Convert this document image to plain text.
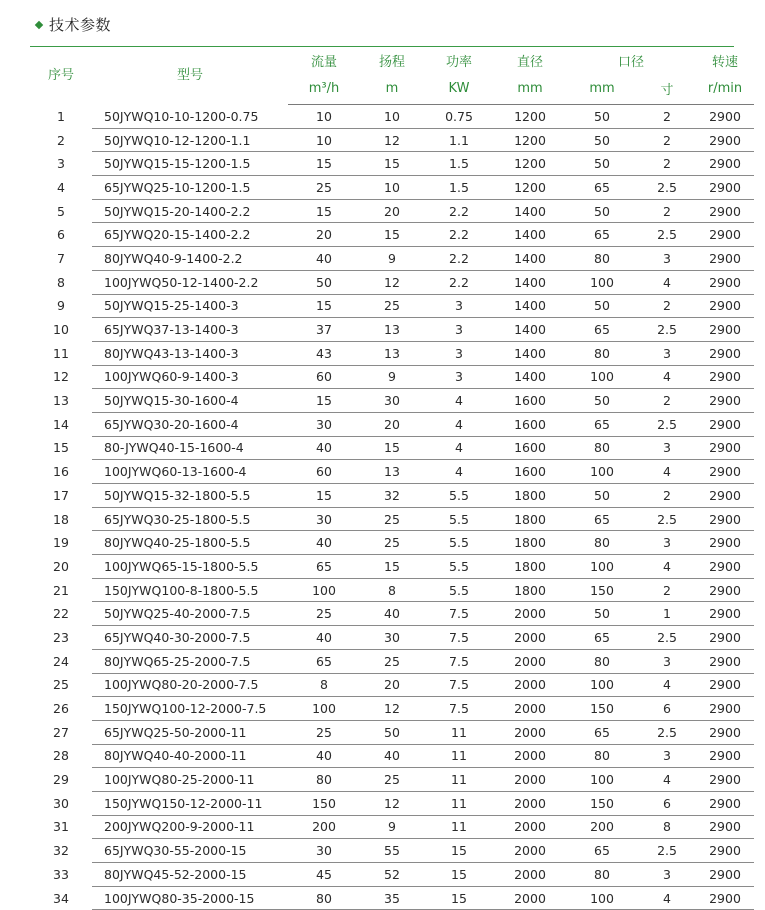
技术参数
序号	型号	流量	扬程	功率	直径	口径		转速
		m³/h	m	KW	mm	mm	寸	r/min
1	50JYWQ10-10-1200-0.75	10	10	0.75	1200	50	2	2900
2	50JYWQ10-12-1200-1.1	10	12	1.1	1200	50	2	2900
3	50JYWQ15-15-1200-1.5	15	15	1.5	1200	50	2	2900
4	65JYWQ25-10-1200-1.5	25	10	1.5	1200	65	2.5	2900
5	50JYWQ15-20-1400-2.2	15	20	2.2	1400	50	2	2900
6	65JYWQ20-15-1400-2.2	20	15	2.2	1400	65	2.5	2900
7	80JYWQ40-9-1400-2.2	40	9	2.2	1400	80	3	2900
8	100JYWQ50-12-1400-2.2	50	12	2.2	1400	100	4	2900
9	50JYWQ15-25-1400-3	15	25	3	1400	50	2	2900
10	65JYWQ37-13-1400-3	37	13	3	1400	65	2.5	2900
11	80JYWQ43-13-1400-3	43	13	3	1400	80	3	2900
12	100JYWQ60-9-1400-3	60	9	3	1400	100	4	2900
13	50JYWQ15-30-1600-4	15	30	4	1600	50	2	2900
14	65JYWQ30-20-1600-4	30	20	4	1600	65	2.5	2900
15	80-JYWQ40-15-1600-4	40	15	4	1600	80	3	2900
16	100JYWQ60-13-1600-4	60	13	4	1600	100	4	2900
17	50JYWQ15-32-1800-5.5	15	32	5.5	1800	50	2	2900
18	65JYWQ30-25-1800-5.5	30	25	5.5	1800	65	2.5	2900
19	80JYWQ40-25-1800-5.5	40	25	5.5	1800	80	3	2900
20	100JYWQ65-15-1800-5.5	65	15	5.5	1800	100	4	2900
21	150JYWQ100-8-1800-5.5	100	8	5.5	1800	150	2	2900
22	50JYWQ25-40-2000-7.5	25	40	7.5	2000	50	1	2900
23	65JYWQ40-30-2000-7.5	40	30	7.5	2000	65	2.5	2900
24	80JYWQ65-25-2000-7.5	65	25	7.5	2000	80	3	2900
25	100JYWQ80-20-2000-7.5	8	20	7.5	2000	100	4	2900
26	150JYWQ100-12-2000-7.5	100	12	7.5	2000	150	6	2900
27	65JYWQ25-50-2000-11	25	50	11	2000	65	2.5	2900
28	80JYWQ40-40-2000-11	40	40	11	2000	80	3	2900
29	100JYWQ80-25-2000-11	80	25	11	2000	100	4	2900
30	150JYWQ150-12-2000-11	150	12	11	2000	150	6	2900
31	200JYWQ200-9-2000-11	200	9	11	2000	200	8	2900
32	65JYWQ30-55-2000-15	30	55	15	2000	65	2.5	2900
33	80JYWQ45-52-2000-15	45	52	15	2000	80	3	2900
34	100JYWQ80-35-2000-15	80	35	15	2000	100	4	2900
